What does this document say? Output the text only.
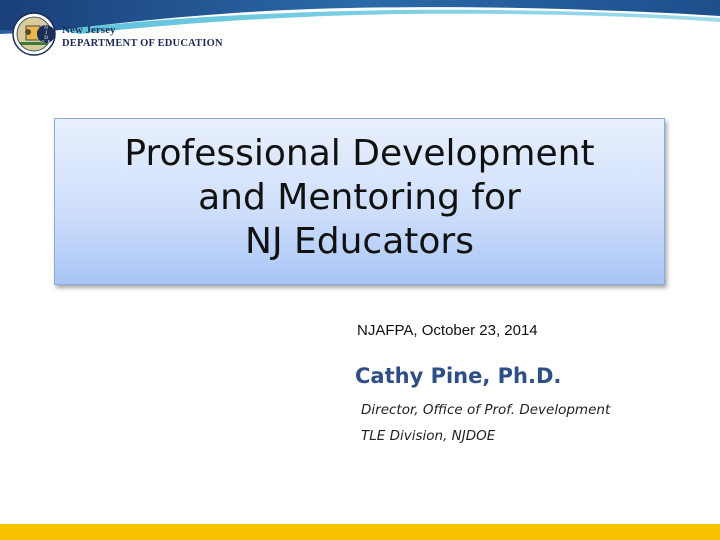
N
J
D
O E
New Jersey
DEPARTMENT OF EDUCATION
Professional Development
and Mentoring for
NJ Educators
NJAFPA, October 23, 2014
Cathy Pine, Ph.D.
Director, Office of Prof. Development
TLE Division, NJDOE
